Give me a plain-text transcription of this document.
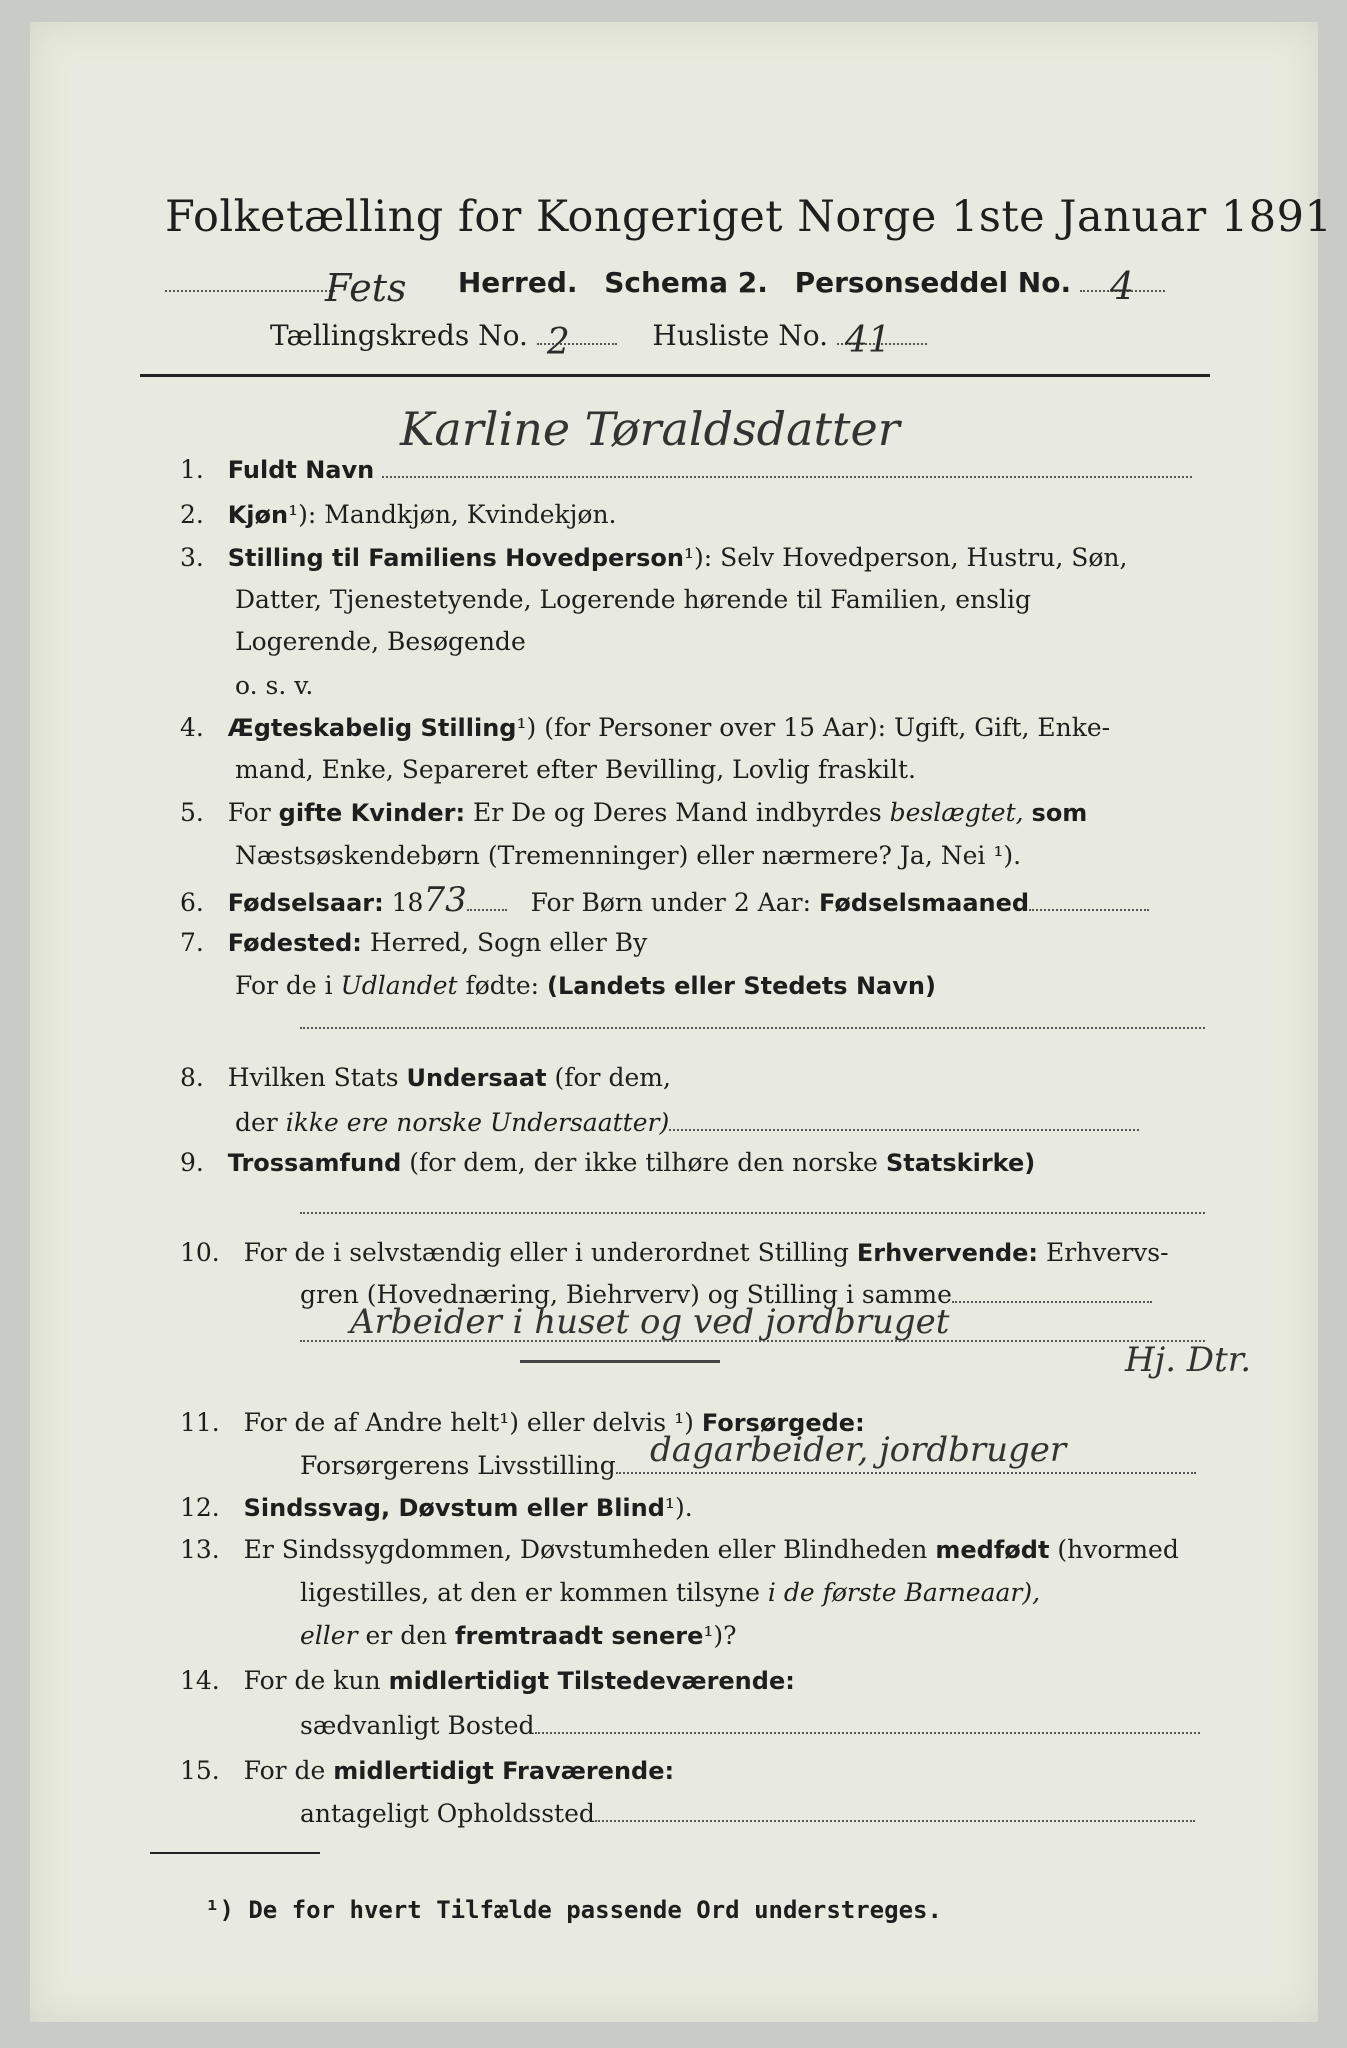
Folketælling for Kongeriget Norge 1ste Januar 1891
Fets Herred. Schema 2. Personseddel No. 4
Tællingskreds No. 2	Husliste No. 41
Karline Tøraldsdatter
1. Fuldt Navn
2. Kjøn¹): Mandkjøn, Kvindekjøn.
3. Stilling til Familiens Hovedperson¹): Selv Hovedperson, Hustru, Søn,
Datter, Tjenestetyende, Logerende hørende til Familien, enslig
Logerende, Besøgende
o. s. v.
4. Ægteskabelig Stilling¹) (for Personer over 15 Aar): Ugift, Gift, Enke-
mand, Enke, Separeret efter Bevilling, Lovlig fraskilt.
5. For gifte Kvinder: Er De og Deres Mand indbyrdes beslægtet, som
Næstsøskendebørn (Tremenninger) eller nærmere? Ja, Nei ¹).
6. Fødselsaar: 1873	For Børn under 2 Aar: Fødselsmaaned
7. Fødested: Herred, Sogn eller By
For de i Udlandet fødte: (Landets eller Stedets Navn)
8. Hvilken Stats Undersaat (for dem,
der ikke ere norske Undersaatter)
9. Trossamfund (for dem, der ikke tilhøre den norske Statskirke)
10. For de i selvstændig eller i underordnet Stilling Erhvervende: Erhvervs-
gren (Hovednæring, Biehrverv) og Stilling i samme
Arbeider i huset og ved jordbruget
Hj. Dtr.
11. For de af Andre helt¹) eller delvis ¹) Forsørgede:
Forsørgerens Livsstilling	dagarbeider, jordbruger
12. Sindssvag, Døvstum eller Blind¹).
13. Er Sindssygdommen, Døvstumheden eller Blindheden medfødt (hvormed
ligestilles, at den er kommen tilsyne i de første Barneaar),
eller er den fremtraadt senere¹)?
14. For de kun midlertidigt Tilstedeværende:
sædvanligt Bosted
15. For de midlertidigt Fraværende:
antageligt Opholdssted
¹) De for hvert Tilfælde passende Ord understreges.
